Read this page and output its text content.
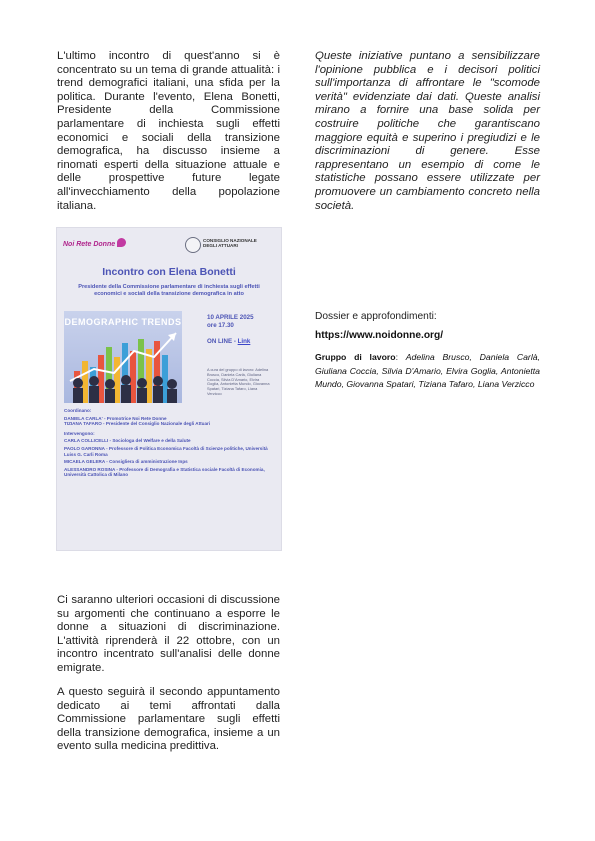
L'ultimo incontro di quest'anno si è concentrato su un tema di grande attualità: i trend demografici italiani, una sfida per la politica. Durante l'evento, Elena Bonetti, Presidente della Commissione parlamentare di inchiesta sugli effetti economici e sociali della transizione demografica, ha discusso insieme a rinomati esperti della situazione attuale e delle prospettive future legate all'invecchiamento della popolazione italiana.

Queste iniziative puntano a sensibilizzare l'opinione pubblica e i decisori politici sull'importanza di affrontare le "scomode verità" evidenziate dai dati. Queste analisi mirano a fornire una base solida per costruire politiche che garantiscano maggiore equità e superino i pregiudizi e le discriminazioni di genere. Esse rappresentano un esempio di come le statistiche possano essere utilizzate per promuovere un cambiamento concreto nella società.

Noi Rete Donne
CONSIGLIO NAZIONALE DEGLI ATTUARI
Incontro con Elena Bonetti
Presidente della Commissione parlamentare di inchiesta sugli effetti economici e sociali della transizione demografica in atto
DEMOGRAPHIC TRENDS	10 APRILE 2025
ore 17.30
ON LINE - Link
A cura del gruppo di lavoro: Adelina Brusco, Daniela Carlà, Giuliana Coccia, Silvia D'Amario, Elvira Goglia, Antonietta Mundo, Giovanna Spatari, Tiziana Tafaro, Liana Verzicco
Coordinano:
DANIELA CARLA' - Promotrice Noi Rete Donne
TIZIANA TAFARO - Presidente del Consiglio Nazionale degli Attuari
Intervengono:
CARLA COLLICELLI - Sociologa del Welfare e della Salute
PAOLO GARONNA - Professore di Politica Economica Facoltà di Scienze politiche, Università Luiss G. Carli Roma
MICAELA GELERA - Consigliera di amministrazione Inps
ALESSANDRO ROSINA - Professore di Demografia e Statistica sociale Facoltà di Economia, Università Cattolica di Milano

Ci saranno ulteriori occasioni di discussione su argomenti che continuano a esporre le donne a situazioni di discriminazione. L'attività riprenderà il 22 ottobre, con un incontro incentrato sull'analisi delle donne emigrate.

A questo seguirà il secondo appuntamento dedicato ai temi affrontati dalla Commissione parlamentare sugli effetti della transizione demografica, insieme a un evento sulla medicina predittiva.

Dossier e approfondimenti:

https://www.noidonne.org/

Gruppo di lavoro: Adelina Brusco, Daniela Carlà, Giuliana Coccia, Silvia D'Amario, Elvira Goglia, Antonietta Mundo, Giovanna Spatari, Tiziana Tafaro, Liana Verzicco
